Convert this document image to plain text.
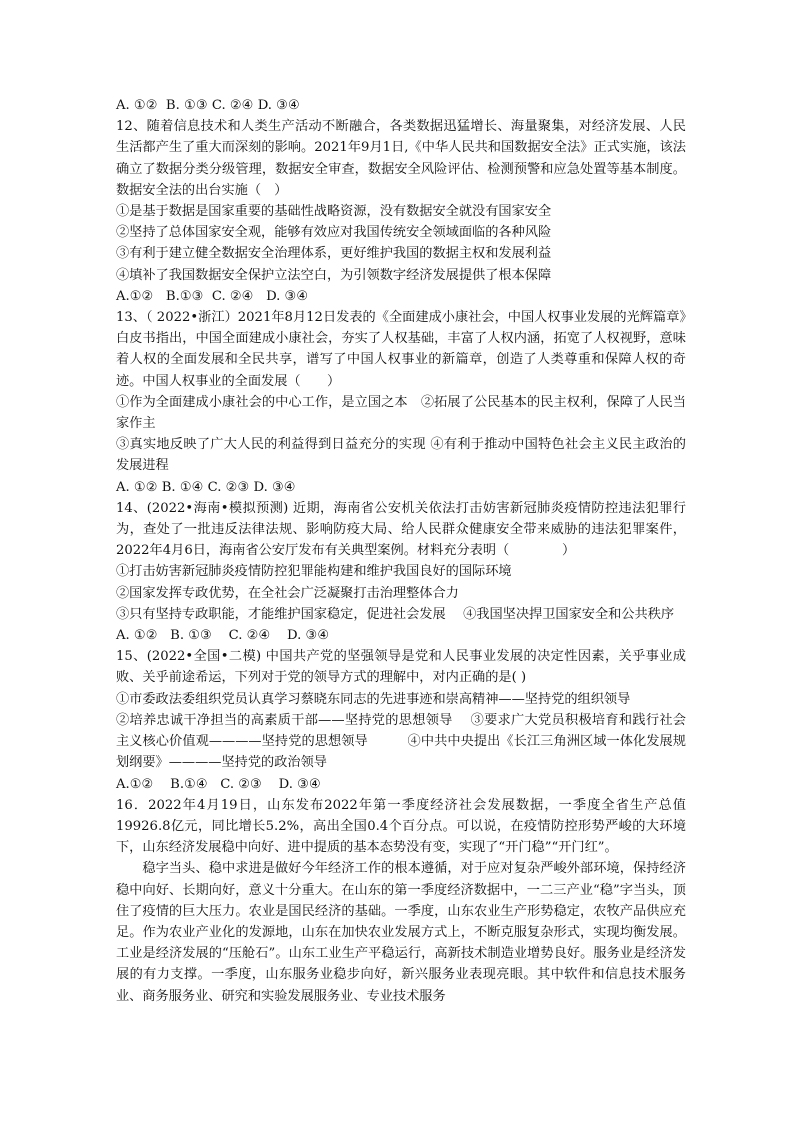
A. ①②  B. ①③ C. ②④ D. ③④
12、随着信息技术和人类生产活动不断融合，各类数据迅猛增长、海量聚集，对经济发展、人民生活都产生了重大而深刻的影响。2021年9月1日,《中华人民共和国数据安全法》正式实施，该法确立了数据分类分级管理，数据安全审查，数据安全风险评估、检测预警和应急处置等基本制度。数据安全法的出台实施（　）
①是基于数据是国家重要的基础性战略资源，没有数据安全就没有国家安全
②坚持了总体国家安全观，能够有效应对我国传统安全领域面临的各种风险
③有利于建立健全数据安全治理体系，更好维护我国的数据主权和发展利益
④填补了我国数据安全保护立法空白，为引领数字经济发展提供了根本保障
A.①②   B.①③  C. ②④   D. ③④
13、（ 2022•浙江）2021年8月12日发表的《全面建成小康社会，中国人权事业发展的光辉篇章》白皮书指出，中国全面建成小康社会，夯实了人权基础，丰富了人权内涵，拓宽了人权视野，意味着人权的全面发展和全民共享，谱写了中国人权事业的新篇章，创造了人类尊重和保障人权的奇迹。中国人权事业的全面发展（　　）
①作为全面建成小康社会的中心工作，是立国之本　②拓展了公民基本的民主权利，保障了人民当家作主
③真实地反映了广大人民的利益得到日益充分的实现 ④有利于推动中国特色社会主义民主政治的发展进程
A. ①② B. ①④ C. ②③ D. ③④
14、(2022•海南•模拟预测) 近期，海南省公安机关依法打击妨害新冠肺炎疫情防控违法犯罪行为，查处了一批违反法律法规、影响防疫大局、给人民群众健康安全带来威胁的违法犯罪案件，2022年4月6日，海南省公安厅发布有关典型案例。材料充分表明（　　　　）
①打击妨害新冠肺炎疫情防控犯罪能构建和维护我国良好的国际环境
②国家发挥专政优势，在全社会广泛凝聚打击治理整体合力
③只有坚持专政职能，才能维护国家稳定，促进社会发展　 ④我国坚决捍卫国家安全和公共秩序
A. ①②   B. ①③    C. ②④    D. ③④
15、(2022•全国•二模) 中国共产党的坚强领导是党和人民事业发展的决定性因素，关乎事业成败、关乎前途希运，下列对于党的领导方式的理解中，对内正确的是( )
①市委政法委组织党员认真学习蔡晓东同志的先进事迹和崇高精神——坚持党的组织领导
②培养忠诚干净担当的高素质干部——坚持党的思想领导　 ③要求广大党员积极培育和践行社会主义核心价值观————坚持党的思想领导　　　④中共中央提出《长江三角洲区域一体化发展规划纲要》————坚持党的政治领导
A.①②    B.①④   C. ②③    D. ③④
16．2022年4月19日，山东发布2022年第一季度经济社会发展数据，一季度全省生产总值19926.8亿元，同比增长5.2%，高出全国0.4个百分点。可以说，在疫情防控形势严峻的大环境下，山东经济发展稳中向好、进中提质的基本态势没有变，实现了“开门稳”“开门红”。
稳字当头、稳中求进是做好今年经济工作的根本遵循，对于应对复杂严峻外部环境，保持经济稳中向好、长期向好，意义十分重大。在山东的第一季度经济数据中，一二三产业“稳”字当头，顶住了疫情的巨大压力。农业是国民经济的基础。一季度，山东农业生产形势稳定，农牧产品供应充足。作为农业产业化的发源地，山东在加快农业发展方式上，不断克服复杂形式，实现均衡发展。工业是经济发展的“压舱石”。山东工业生产平稳运行，高新技术制造业增势良好。服务业是经济发展的有力支撑。一季度，山东服务业稳步向好，新兴服务业表现亮眼。其中软件和信息技术服务业、商务服务业、研究和实验发展服务业、专业技术服务
